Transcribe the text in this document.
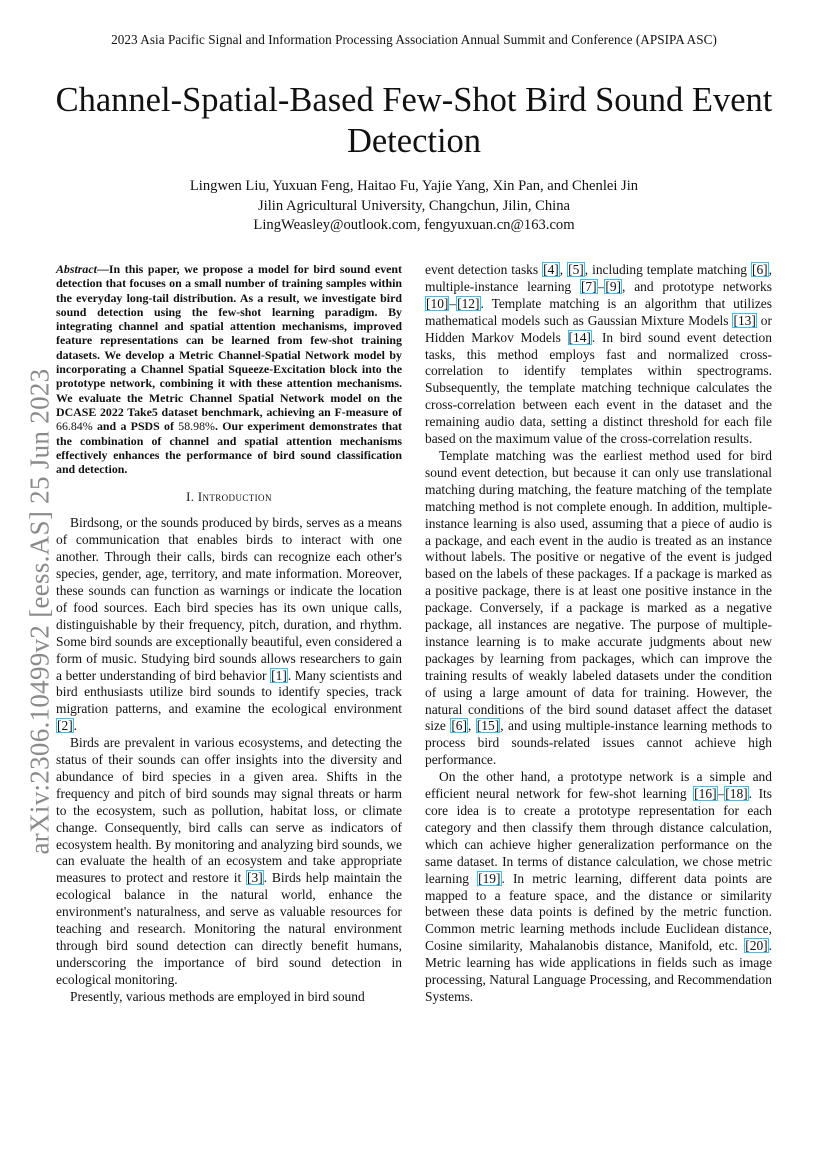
2023 Asia Pacific Signal and Information Processing Association Annual Summit and Conference (APSIPA ASC)
Channel-Spatial-Based Few-Shot Bird Sound Event
Detection
Lingwen Liu, Yuxuan Feng, Haitao Fu, Yajie Yang, Xin Pan, and Chenlei Jin
Jilin Agricultural University, Changchun, Jilin, China
LingWeasley@outlook.com, fengyuxuan.cn@163.com
arXiv:2306.10499v2 [eess.AS] 25 Jun 2023

Abstract—In this paper, we propose a model for bird sound event detection that focuses on a small number of training samples within the everyday long-tail distribution. As a result, we investigate bird sound detection using the few-shot learning paradigm. By integrating channel and spatial attention mechanisms, improved feature representations can be learned from few-shot training datasets. We develop a Metric Channel-Spatial Network model by incorporating a Channel Spatial Squeeze-Excitation block into the prototype network, combining it with these attention mechanisms. We evaluate the Metric Channel Spatial Network model on the DCASE 2022 Take5 dataset benchmark, achieving an F-measure of 66.84% and a PSDS of 58.98%. Our experiment demonstrates that the combination of channel and spatial attention mechanisms effectively enhances the performance of bird sound classification and detection.

I. Introduction

Birdsong, or the sounds produced by birds, serves as a means of communication that enables birds to interact with one another. Through their calls, birds can recognize each other's species, gender, age, territory, and mate information. Moreover, these sounds can function as warnings or indicate the location of food sources. Each bird species has its own unique calls, distinguishable by their frequency, pitch, duration, and rhythm. Some bird sounds are exceptionally beautiful, even considered a form of music. Studying bird sounds allows researchers to gain a better understanding of bird behavior [1]. Many scientists and bird enthusiasts utilize bird sounds to identify species, track migration patterns, and examine the ecological environment [2].

Birds are prevalent in various ecosystems, and detecting the status of their sounds can offer insights into the diversity and abundance of bird species in a given area. Shifts in the frequency and pitch of bird sounds may signal threats or harm to the ecosystem, such as pollution, habitat loss, or climate change. Consequently, bird calls can serve as indicators of ecosystem health. By monitoring and analyzing bird sounds, we can evaluate the health of an ecosystem and take appropriate measures to protect and restore it [3]. Birds help maintain the ecological balance in the natural world, enhance the environment's naturalness, and serve as valuable resources for teaching and research. Monitoring the natural environment through bird sound detection can directly benefit humans, underscoring the importance of bird sound detection in ecological monitoring.

Presently, various methods are employed in bird sound

event detection tasks [4], [5], including template matching [6], multiple-instance learning [7]–[9], and prototype networks [10]–[12]. Template matching is an algorithm that utilizes mathematical models such as Gaussian Mixture Models [13] or Hidden Markov Models [14]. In bird sound event detection tasks, this method employs fast and normalized cross-correlation to identify templates within spectrograms. Subsequently, the template matching technique calculates the cross-correlation between each event in the dataset and the remaining audio data, setting a distinct threshold for each file based on the maximum value of the cross-correlation results.

Template matching was the earliest method used for bird sound event detection, but because it can only use translational matching during matching, the feature matching of the template matching method is not complete enough. In addition, multiple-instance learning is also used, assuming that a piece of audio is a package, and each event in the audio is treated as an instance without labels. The positive or negative of the event is judged based on the labels of these packages. If a package is marked as a positive package, there is at least one positive instance in the package. Conversely, if a package is marked as a negative package, all instances are negative. The purpose of multiple-instance learning is to make accurate judgments about new packages by learning from packages, which can improve the training results of weakly labeled datasets under the condition of using a large amount of data for training. However, the natural conditions of the bird sound dataset affect the dataset size [6], [15], and using multiple-instance learning methods to process bird sounds-related issues cannot achieve high performance.

On the other hand, a prototype network is a simple and efficient neural network for few-shot learning [16]–[18]. Its core idea is to create a prototype representation for each category and then classify them through distance calculation, which can achieve higher generalization performance on the same dataset. In terms of distance calculation, we chose metric learning [19]. In metric learning, different data points are mapped to a feature space, and the distance or similarity between these data points is defined by the metric function. Common metric learning methods include Euclidean distance, Cosine similarity, Mahalanobis distance, Manifold, etc. [20]. Metric learning has wide applications in fields such as image processing, Natural Language Processing, and Recommendation Systems.
